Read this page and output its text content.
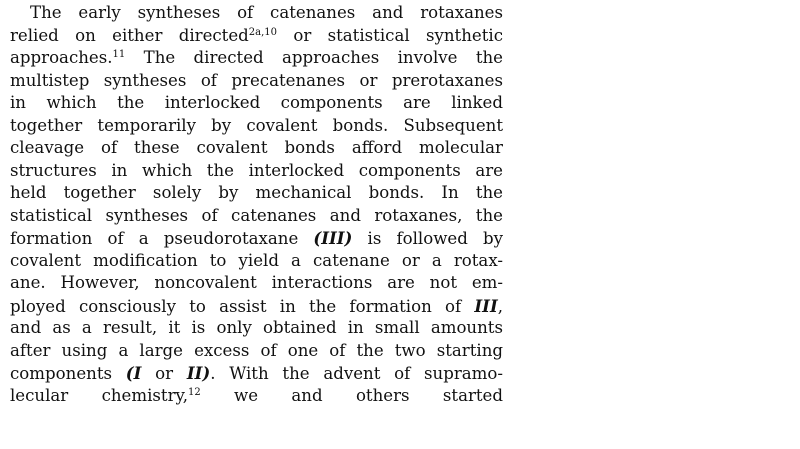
The early syntheses of catenanes and rotaxanes
relied on either directed$^{2a,10}$ or statistical synthetic
approaches.$^{11}$ The directed approaches involve the
multistep syntheses of precatenanes or prerotaxanes
in which the interlocked components are linked
together temporarily by covalent bonds. Subsequent
cleavage of these covalent bonds afford molecular
structures in which the interlocked components are
held together solely by mechanical bonds. In the
statistical syntheses of catenanes and rotaxanes, the
formation of a pseudorotaxane (III) is followed by
covalent modification to yield a catenane or a rotax-
ane. However, noncovalent interactions are not em-
ployed consciously to assist in the formation of III,
and as a result, it is only obtained in small amounts
after using a large excess of one of the two starting
components (I or II). With the advent of supramo-
lecular chemistry,$^{12}$ we and others started
